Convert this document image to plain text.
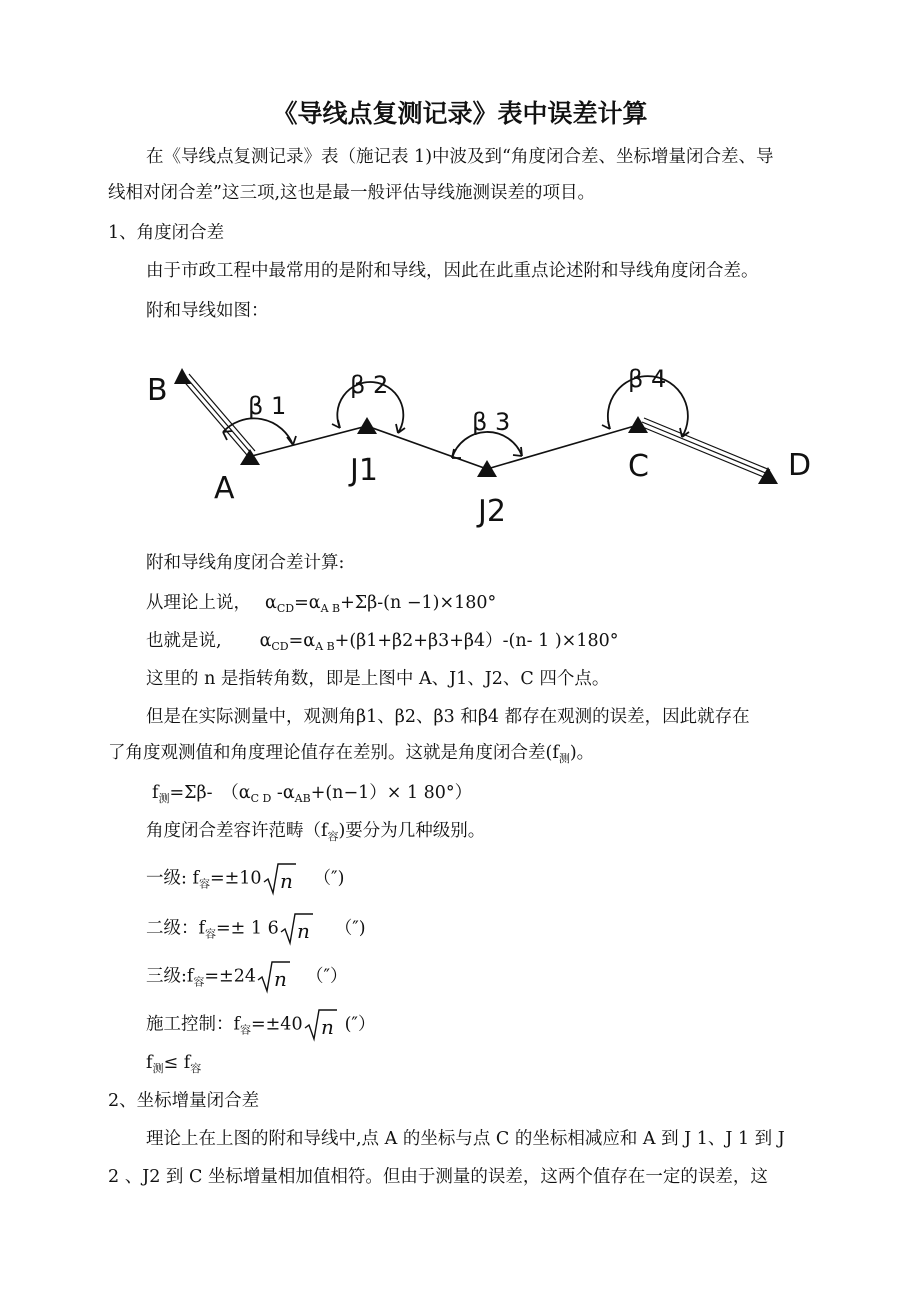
《导线点复测记录》表中误差计算
在《导线点复测记录》表（施记表 1)中波及到“角度闭合差、坐标增量闭合差、导
线相对闭合差”这三项,这也是最一般评估导线施测误差的项目。
1、角度闭合差
由于市政工程中最常用的是附和导线，因此在此重点论述附和导线角度闭合差。
附和导线如图：
B
A
J1
J2
C	D
β 1
β 2
β 3
β 4
附和导线角度闭合差计算:
从理论上说， $\alpha_{CD}=\alpha_{A B}+\Sigma\beta-(n -1)\times 180^\circ$
也就是说, $\alpha_{CD}=\alpha_{A B}+(\beta 1+\beta 2+\beta 3+\beta 4)-(n-$ 1 )×180°
这里的 n 是指转角数，即是上图中 A、J1、J2、C 四个点。
但是在实际测量中，观测角β1、β2、β3 和β4 都存在观测的误差，因此就存在
了角度观测值和角度理论值存在差别。这就是角度闭合差$(f_测)$。
$f_测=\Sigma\beta-$　（$\alpha_{C D}$ $-\alpha_{AB}+(n-1)\times 1$ 80°）
角度闭合差容许范畴$(f_容)$要分为几种级别。
一级: $f_容=\pm 10$ n （″)
二级：$f_容=\pm 1$ 6 n （″)
三级$:f_容=\pm 24$ n （″）
施工控制：$f_容=\pm 40$ n (″）
$f_测\le f_容$
2、坐标增量闭合差
理论上在上图的附和导线中,点 A 的坐标与点 C 的坐标相减应和 A 到 J 1、J 1 到 J
2 、J2 到 C 坐标增量相加值相符。但由于测量的误差，这两个值存在一定的误差，这
